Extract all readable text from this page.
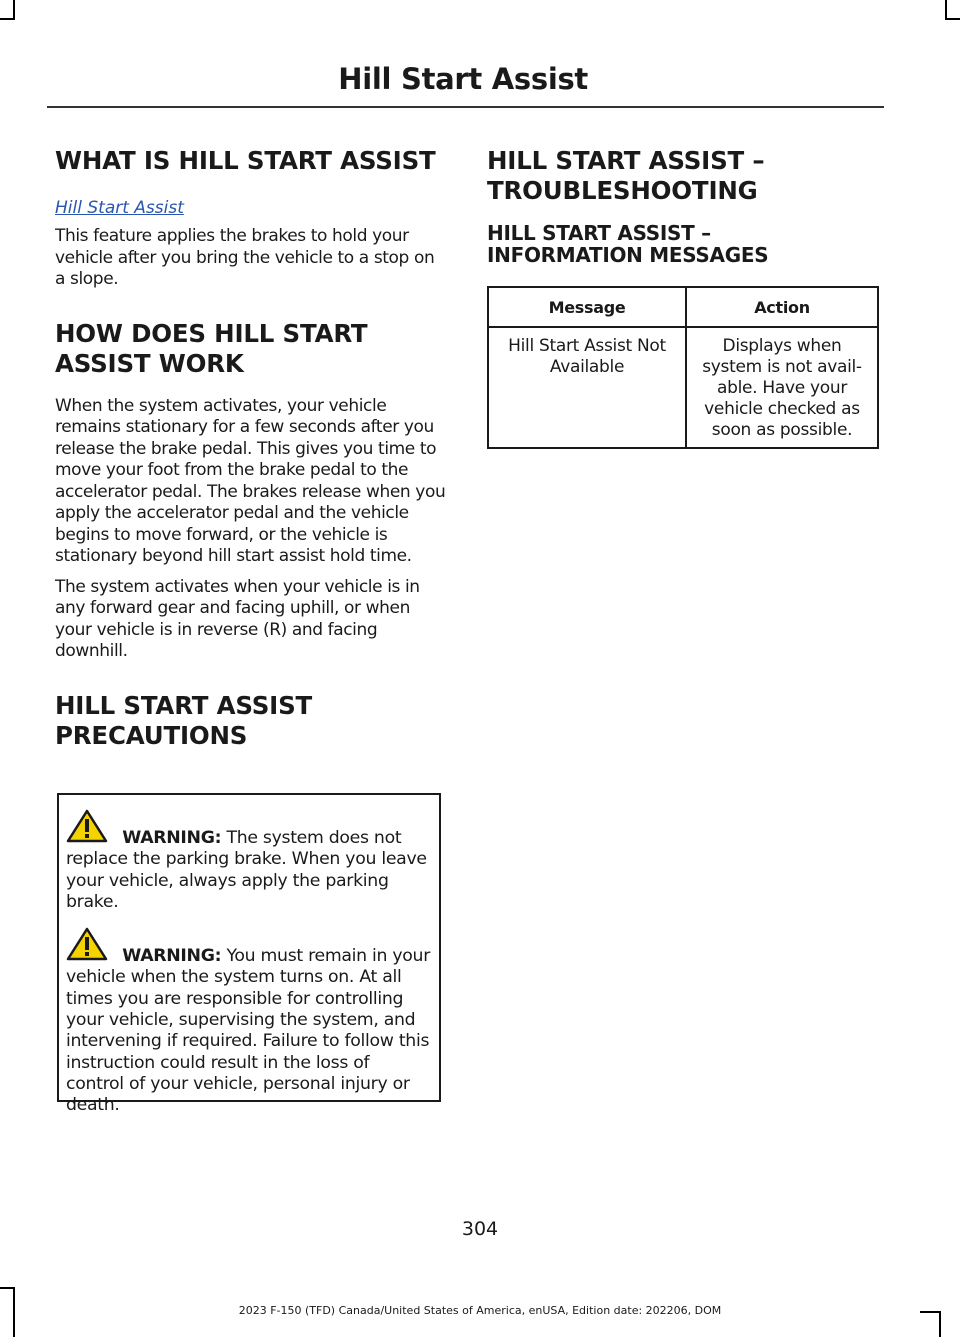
Hill Start Assist
WHAT IS HILL START ASSIST
Hill Start Assist

This feature applies the brakes to hold your vehicle after you bring the vehicle to a stop on a slope.

HOW DOES HILL START
ASSIST WORK

When the system activates, your vehicle remains stationary for a few seconds after you release the brake pedal. This gives you time to move your foot from the brake pedal to the accelerator pedal. The brakes release when you apply the accelerator pedal and the vehicle begins to move forward, or the vehicle is stationary beyond hill start assist hold time.

The system activates when your vehicle is in any forward gear and facing uphill, or when your vehicle is in reverse (R) and facing downhill.

HILL START ASSIST
PRECAUTIONS

WARNING: The system does not replace the parking brake. When you leave your vehicle, always apply the parking brake.

WARNING: You must remain in your vehicle when the system turns on. At all times you are responsible for controlling your vehicle, supervising the system, and intervening if required. Failure to follow this instruction could result in the loss of control of your vehicle, personal injury or death.

HILL START ASSIST –
TROUBLESHOOTING
HILL START ASSIST –
INFORMATION MESSAGES
Message	Action
Hill Start Assist Not Available	Displays when system is not avail-able. Have your vehicle checked as soon as possible.
304
2023 F-150 (TFD) Canada/United States of America, enUSA, Edition date: 202206, DOM
